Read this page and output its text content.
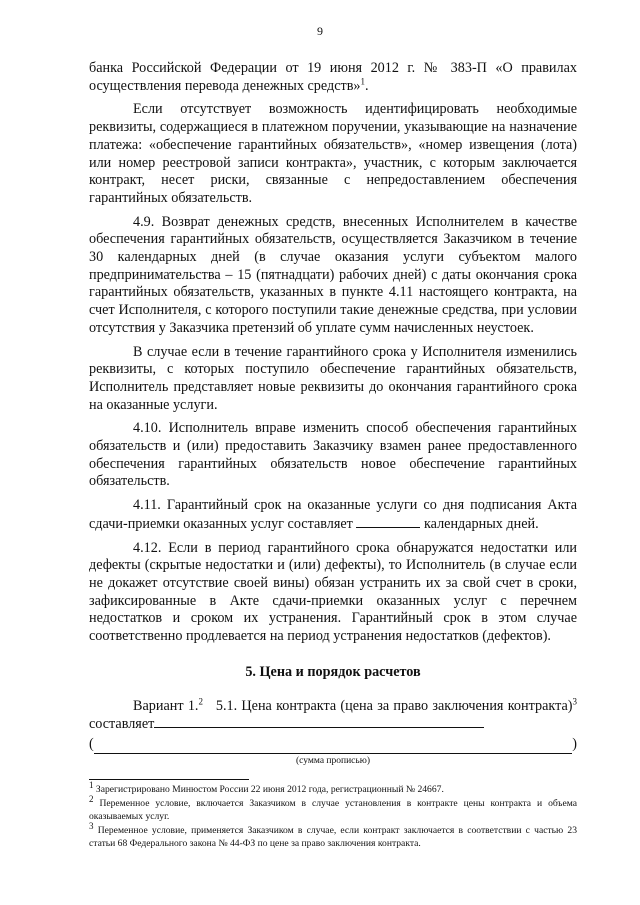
9

банка Российской Федерации от 19 июня 2012 г. № 383-П «О правилах осуществления перевода денежных средств»$^1$.

Если отсутствует возможность идентифицировать необходимые реквизиты, содержащиеся в платежном поручении, указывающие на назначение платежа: «обеспечение гарантийных обязательств», «номер извещения (лота) или номер реестровой записи контракта», участник, с которым заключается контракт, несет риски, связанные с непредоставлением обеспечения гарантийных обязательств.

4.9. Возврат денежных средств, внесенных Исполнителем в качестве обеспечения гарантийных обязательств, осуществляется Заказчиком в течение 30 календарных дней (в случае оказания услуги субъектом малого предпринимательства – 15 (пятнадцати) рабочих дней) с даты окончания срока гарантийных обязательств, указанных в пункте 4.11 настоящего контракта, на счет Исполнителя, с которого поступили такие денежные средства, при условии отсутствия у Заказчика претензий об уплате сумм начисленных неустоек.

В случае если в течение гарантийного срока у Исполнителя изменились реквизиты, с которых поступило обеспечение гарантийных обязательств, Исполнитель представляет новые реквизиты до окончания гарантийного срока на оказанные услуги.

4.10. Исполнитель вправе изменить способ обеспечения гарантийных обязательств и (или) предоставить Заказчику взамен ранее предоставленного обеспечения гарантийных обязательств новое обеспечение гарантийных обязательств.

4.11. Гарантийный срок на оказанные услуги со дня подписания Акта сдачи-приемки оказанных услуг составляет	календарных дней.

4.12. Если в период гарантийного срока обнаружатся недостатки или дефекты (скрытые недостатки и (или) дефекты), то Исполнитель (в случае если не докажет отсутствие своей вины) обязан устранить их за свой счет в сроки, зафиксированные в Акте сдачи-приемки оказанных услуг с перечнем недостатков и сроком их устранения. Гарантийный срок в этом случае соответственно продлевается на период устранения недостатков (дефектов).

5. Цена и порядок расчетов

Вариант 1.$^2$ 5.1. Цена контракта (цена за право заключения контракта)$^3$ составляет

(	)
(сумма прописью)
$^1$ Зарегистрировано Минюстом России 22 июня 2012 года, регистрационный № 24667.
$^2$ Переменное условие, включается Заказчиком в случае установления в контракте цены контракта и объема оказываемых услуг.
$^3$ Переменное условие, применяется Заказчиком в случае, если контракт заключается в соответствии с частью 23 статьи 68 Федерального закона № 44-ФЗ по цене за право заключения контракта.
